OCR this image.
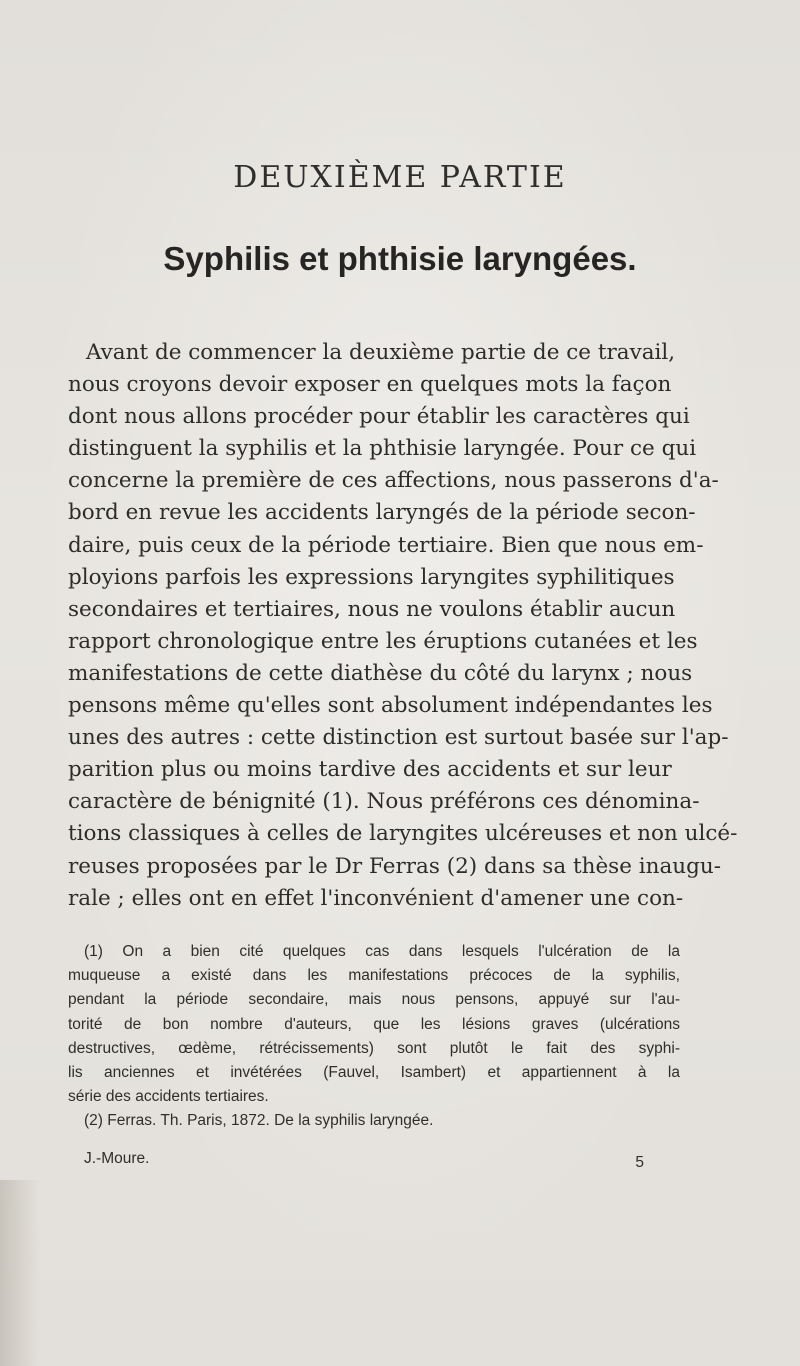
DEUXIÈME PARTIE
Syphilis et phthisie laryngées.
Avant de commencer la deuxième partie de ce travail,
nous croyons devoir exposer en quelques mots la façon
dont nous allons procéder pour établir les caractères qui
distinguent la syphilis et la phthisie laryngée. Pour ce qui
concerne la première de ces affections, nous passerons d'a-
bord en revue les accidents laryngés de la période secon-
daire, puis ceux de la période tertiaire. Bien que nous em-
ployions parfois les expressions laryngites syphilitiques
secondaires et tertiaires, nous ne voulons établir aucun
rapport chronologique entre les éruptions cutanées et les
manifestations de cette diathèse du côté du larynx ; nous
pensons même qu'elles sont absolument indépendantes les
unes des autres : cette distinction est surtout basée sur l'ap-
parition plus ou moins tardive des accidents et sur leur
caractère de bénignité (1). Nous préférons ces dénomina-
tions classiques à celles de laryngites ulcéreuses et non ulcé-
reuses proposées par le Dr Ferras (2) dans sa thèse inaugu-
rale ; elles ont en effet l'inconvénient d'amener une con-
(1) On a bien cité quelques cas dans lesquels l'ulcération de la
muqueuse a existé dans les manifestations précoces de la syphilis,
pendant la période secondaire, mais nous pensons, appuyé sur l'au-
torité de bon nombre d'auteurs, que les lésions graves (ulcérations
destructives, œdème, rétrécissements) sont plutôt le fait des syphi-
lis anciennes et invétérées (Fauvel, Isambert) et appartiennent à la
série des accidents tertiaires.
(2) Ferras. Th. Paris, 1872. De la syphilis laryngée.
J.-Moure.	5
